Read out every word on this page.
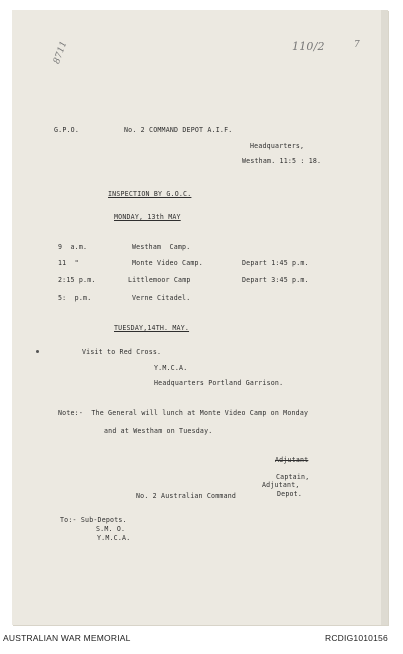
8711	110/2	7
G.P.O.	No. 2 COMMAND DEPOT A.I.F.
Headquarters,
Westham. 11:5 : 18.
INSPECTION BY G.O.C.
MONDAY, 13th MAY
9  a.m.	Westham  Camp.
11  "	Monte Video Camp.	Depart 1:45 p.m.
2:15 p.m.	Littlemoor Camp	Depart 3:45 p.m.
5:  p.m.	Verne Citadel.
TUESDAY,14TH. MAY.
Visit to Red Cross.
Y.M.C.A.
Headquarters Portland Garrison.
Note:-  The General will lunch at Monte Video Camp on Monday
and at Westham on Tuesday.
Adjutant
Captain,
Adjutant,
Depot.
No. 2 Australian Command
To:- Sub-Depots.
S.M. O.
Y.M.C.A.
AUSTRALIAN WAR MEMORIAL	RCDIG1010156
